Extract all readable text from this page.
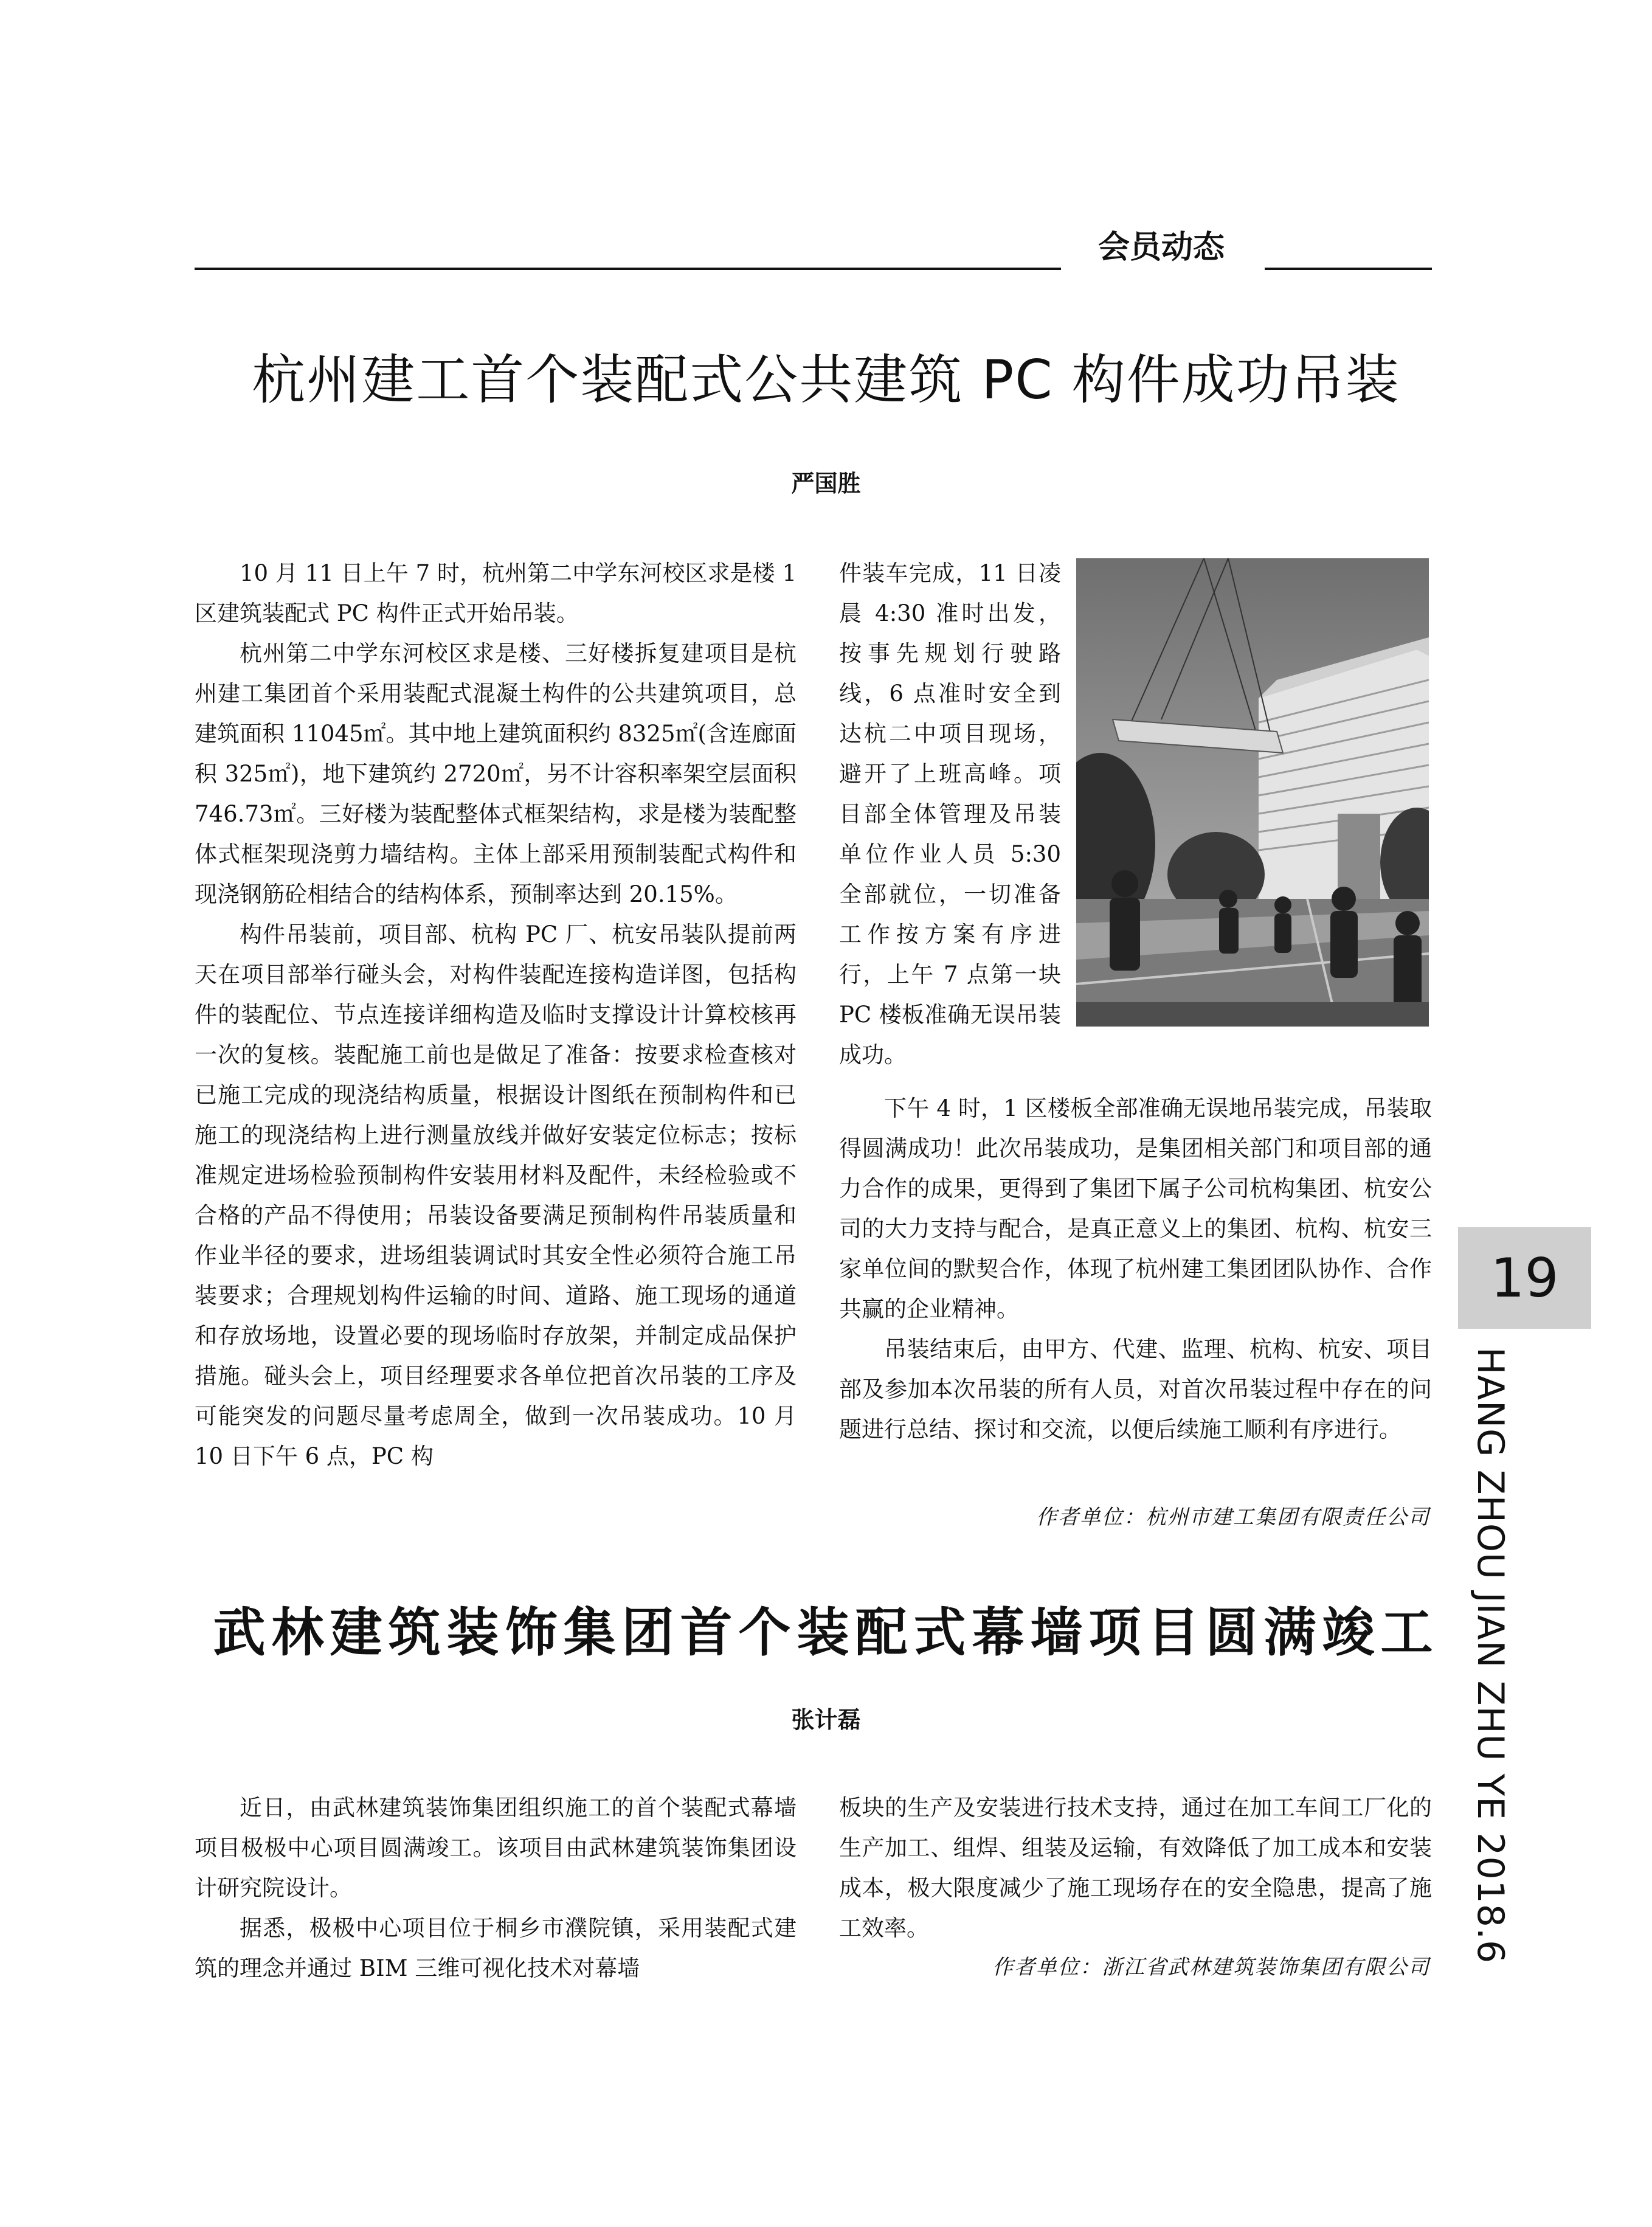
会员动态
杭州建工首个装配式公共建筑 PC 构件成功吊装
严国胜

10 月 11 日上午 7 时，杭州第二中学东河校区求是楼 1 区建筑装配式 PC 构件正式开始吊装。

杭州第二中学东河校区求是楼、三好楼拆复建项目是杭州建工集团首个采用装配式混凝土构件的公共建筑项目，总建筑面积 11045㎡。其中地上建筑面积约 8325㎡(含连廊面积 325㎡)，地下建筑约 2720㎡，另不计容积率架空层面积 746.73㎡。三好楼为装配整体式框架结构，求是楼为装配整体式框架现浇剪力墙结构。主体上部采用预制装配式构件和现浇钢筋砼相结合的结构体系，预制率达到 20.15%。

构件吊装前，项目部、杭构 PC 厂、杭安吊装队提前两天在项目部举行碰头会，对构件装配连接构造详图，包括构件的装配位、节点连接详细构造及临时支撑设计计算校核再一次的复核。装配施工前也是做足了准备：按要求检查核对已施工完成的现浇结构质量，根据设计图纸在预制构件和已施工的现浇结构上进行测量放线并做好安装定位标志；按标准规定进场检验预制构件安装用材料及配件，未经检验或不合格的产品不得使用；吊装设备要满足预制构件吊装质量和作业半径的要求，进场组装调试时其安全性必须符合施工吊装要求；合理规划构件运输的时间、道路、施工现场的通道和存放场地，设置必要的现场临时存放架，并制定成品保护措施。碰头会上，项目经理要求各单位把首次吊装的工序及可能突发的问题尽量考虑周全，做到一次吊装成功。10 月 10 日下午 6 点，PC 构

件装车完成，11 日凌晨 4:30 准时出发，按事先规划行驶路线，6 点准时安全到达杭二中项目现场，避开了上班高峰。项目部全体管理及吊装单位作业人员 5:30 全部就位，一切准备工作按方案有序进行，上午 7 点第一块 PC 楼板准确无误吊装成功。

下午 4 时，1 区楼板全部准确无误地吊装完成，吊装取得圆满成功！此次吊装成功，是集团相关部门和项目部的通力合作的成果，更得到了集团下属子公司杭构集团、杭安公司的大力支持与配合，是真正意义上的集团、杭构、杭安三家单位间的默契合作，体现了杭州建工集团团队协作、合作共赢的企业精神。

吊装结束后，由甲方、代建、监理、杭构、杭安、项目部及参加本次吊装的所有人员，对首次吊装过程中存在的问题进行总结、探讨和交流，以便后续施工顺利有序进行。

作者单位：杭州市建工集团有限责任公司
武林建筑装饰集团首个装配式幕墙项目圆满竣工
张计磊

近日，由武林建筑装饰集团组织施工的首个装配式幕墙项目极极中心项目圆满竣工。该项目由武林建筑装饰集团设计研究院设计。

据悉，极极中心项目位于桐乡市濮院镇，采用装配式建筑的理念并通过 BIM 三维可视化技术对幕墙

板块的生产及安装进行技术支持，通过在加工车间工厂化的生产加工、组焊、组装及运输，有效降低了加工成本和安装成本，极大限度减少了施工现场存在的安全隐患，提高了施工效率。

作者单位：浙江省武林建筑装饰集团有限公司
19
HANG ZHOU JIAN ZHU YE 2018.6
